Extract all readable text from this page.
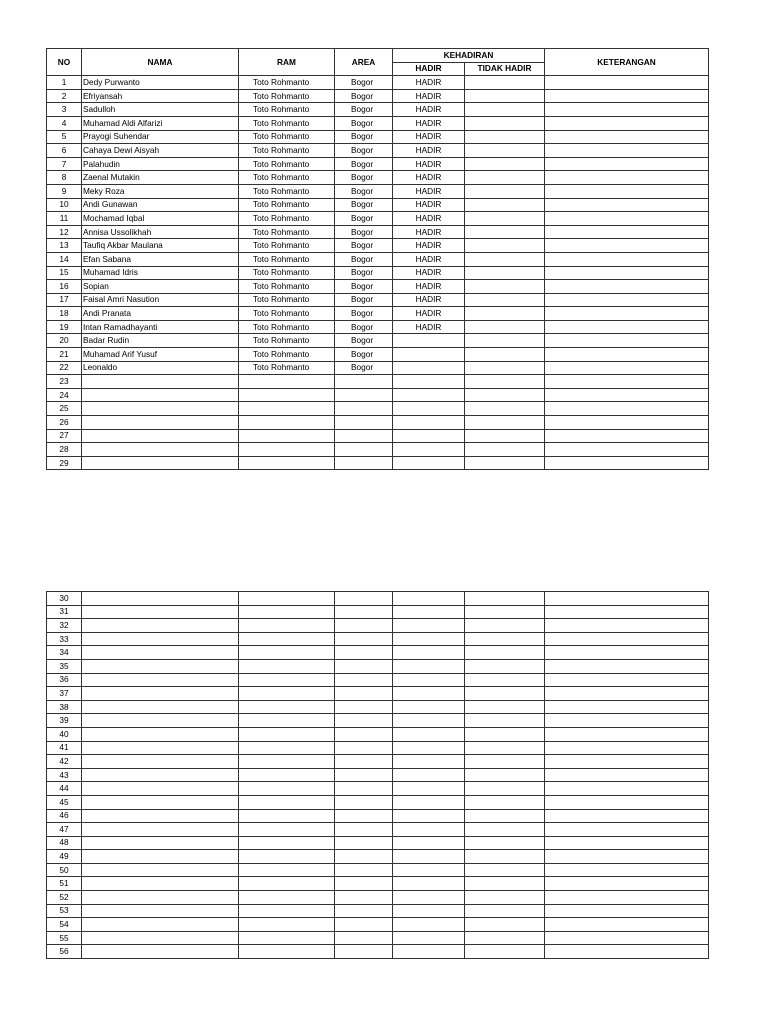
NO	NAMA	RAM	AREA	KEHADIRAN		KETERANGAN
				HADIR	TIDAK HADIR	
1	Dedy Purwanto	Toto Rohmanto	Bogor	HADIR		
2	Efriyansah	Toto Rohmanto	Bogor	HADIR		
3	Sadulloh	Toto Rohmanto	Bogor	HADIR		
4	Muhamad Aldi Alfarizi	Toto Rohmanto	Bogor	HADIR		
5	Prayogi Suhendar	Toto Rohmanto	Bogor	HADIR		
6	Cahaya Dewi Aisyah	Toto Rohmanto	Bogor	HADIR		
7	Palahudin	Toto Rohmanto	Bogor	HADIR		
8	Zaenal Mutakin	Toto Rohmanto	Bogor	HADIR		
9	Meky Roza	Toto Rohmanto	Bogor	HADIR		
10	Andi Gunawan	Toto Rohmanto	Bogor	HADIR		
11	Mochamad Iqbal	Toto Rohmanto	Bogor	HADIR		
12	Annisa Ussolikhah	Toto Rohmanto	Bogor	HADIR		
13	Taufiq Akbar Maulana	Toto Rohmanto	Bogor	HADIR		
14	Efan Sabana	Toto Rohmanto	Bogor	HADIR		
15	Muhamad Idris	Toto Rohmanto	Bogor	HADIR		
16	Sopian	Toto Rohmanto	Bogor	HADIR		
17	Faisal Amri Nasution	Toto Rohmanto	Bogor	HADIR		
18	Andi Pranata	Toto Rohmanto	Bogor	HADIR		
19	Intan Ramadhayanti	Toto Rohmanto	Bogor	HADIR		
20	Badar Rudin	Toto Rohmanto	Bogor			
21	Muhamad Arif Yusuf	Toto Rohmanto	Bogor			
22	Leonaldo	Toto Rohmanto	Bogor			
23						
24						
25						
26						
27						
28						
29						
30						
31						
32						
33						
34						
35						
36						
37						
38						
39						
40						
41						
42						
43						
44						
45						
46						
47						
48						
49						
50						
51						
52						
53						
54						
55						
56						
